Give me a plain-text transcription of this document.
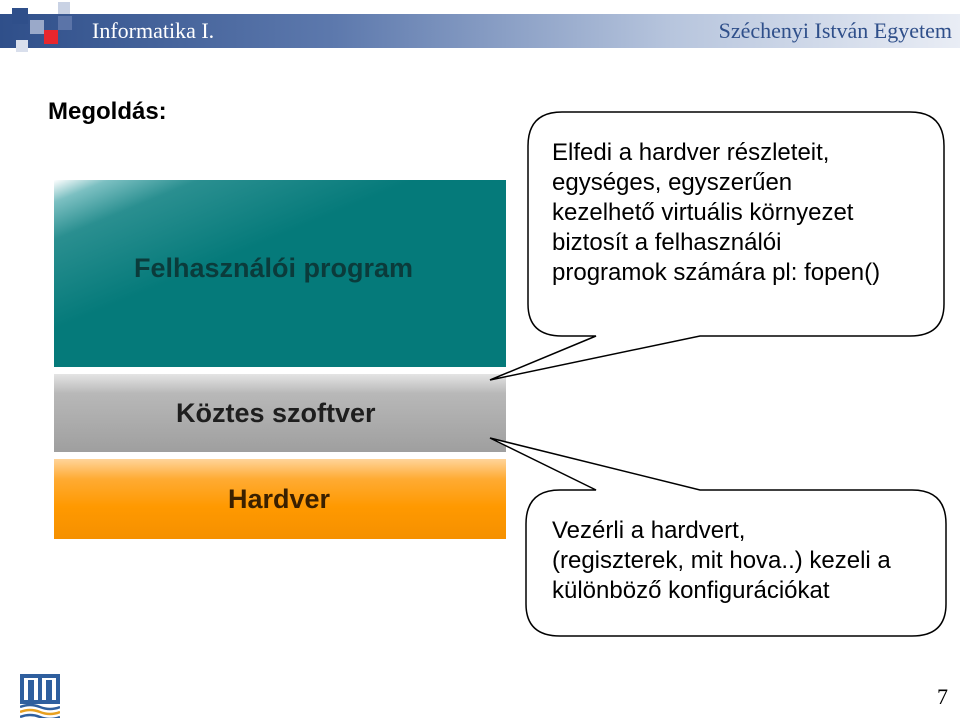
Informatika I.	Széchenyi István Egyetem
Megoldás:
Felhasználói program
Köztes szoftver
Hardver
Elfedi a hardver részleteit,
egységes, egyszerűen
kezelhető virtuális környezet
biztosít a felhasználói
programok számára pl: fopen()
Vezérli a hardvert,
(regiszterek, mit hova..) kezeli a
különböző konfigurációkat
7
